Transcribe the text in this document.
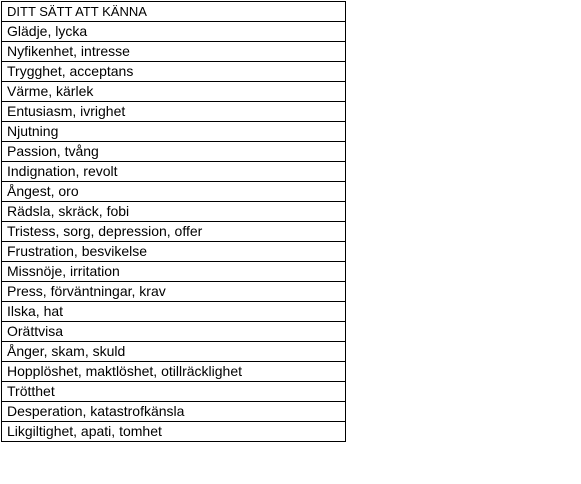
DITT SÄTT ATT KÄNNA
Glädje, lycka
Nyfikenhet, intresse
Trygghet, acceptans
Värme, kärlek
Entusiasm, ivrighet
Njutning
Passion, tvång
Indignation, revolt
Ångest, oro
Rädsla, skräck, fobi
Tristess, sorg, depression, offer
Frustration, besvikelse
Missnöje, irritation
Press, förväntningar, krav
Ilska, hat
Orättvisa
Ånger, skam, skuld
Hopplöshet, maktlöshet, otillräcklighet
Trötthet
Desperation, katastrofkänsla
Likgiltighet, apati, tomhet
